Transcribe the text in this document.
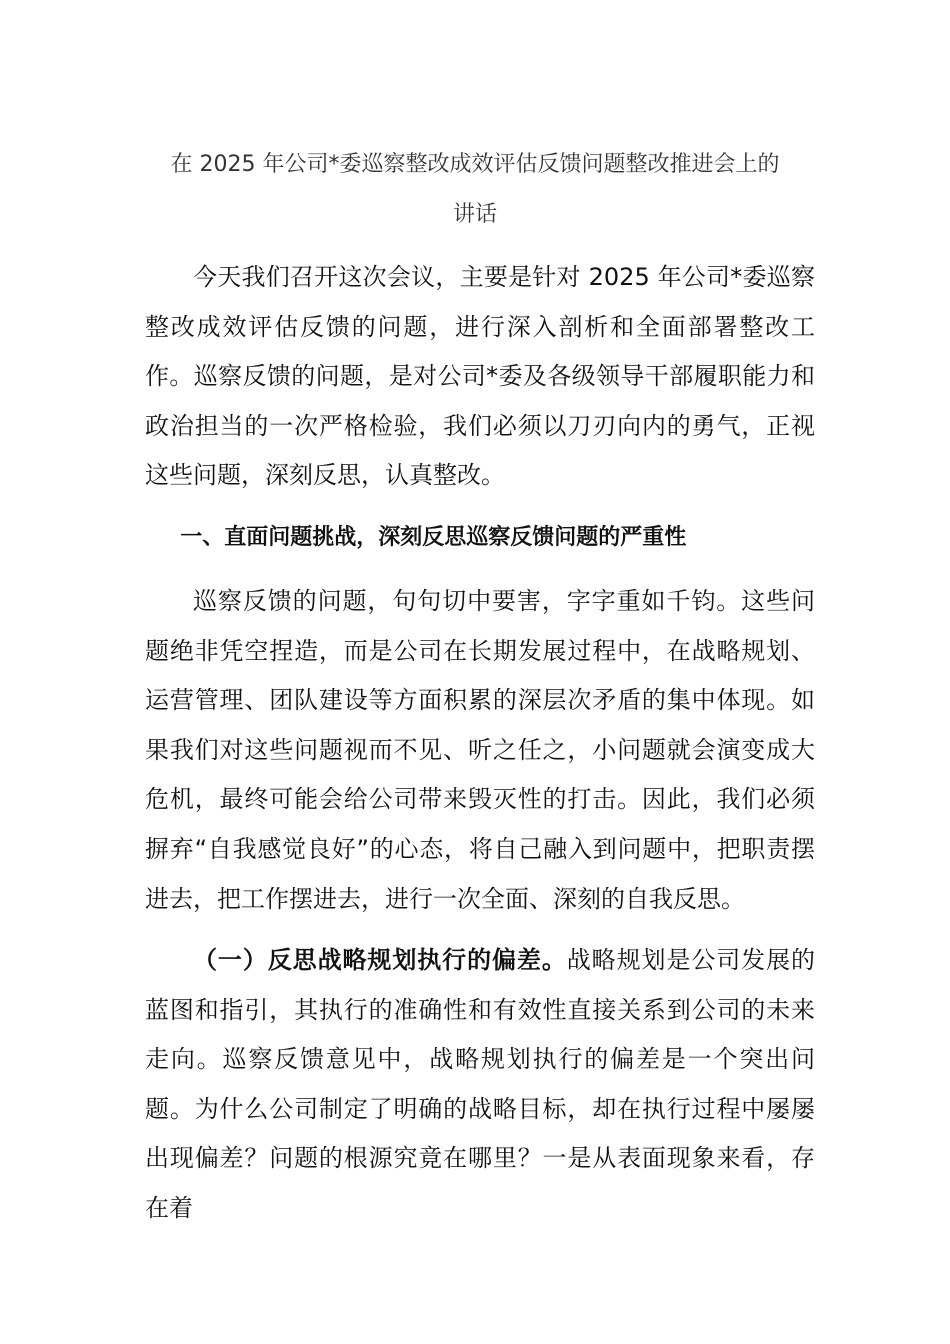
在 2025 年公司*委巡察整改成效评估反馈问题整改推进会上的
讲话

今天我们召开这次会议，主要是针对 2025 年公司*委巡察整改成效评估反馈的问题，进行深入剖析和全面部署整改工作。巡察反馈的问题，是对公司*委及各级领导干部履职能力和政治担当的一次严格检验，我们必须以刀刃向内的勇气，正视这些问题，深刻反思，认真整改。

一、直面问题挑战，深刻反思巡察反馈问题的严重性

巡察反馈的问题，句句切中要害，字字重如千钧。这些问题绝非凭空捏造，而是公司在长期发展过程中，在战略规划、运营管理、团队建设等方面积累的深层次矛盾的集中体现。如果我们对这些问题视而不见、听之任之，小问题就会演变成大危机，最终可能会给公司带来毁灭性的打击。因此，我们必须摒弃“自我感觉良好”的心态，将自己融入到问题中，把职责摆进去，把工作摆进去，进行一次全面、深刻的自我反思。

（一）反思战略规划执行的偏差。战略规划是公司发展的蓝图和指引，其执行的准确性和有效性直接关系到公司的未来走向。巡察反馈意见中，战略规划执行的偏差是一个突出问题。为什么公司制定了明确的战略目标，却在执行过程中屡屡出现偏差？问题的根源究竟在哪里？一是从表面现象来看，存在着
